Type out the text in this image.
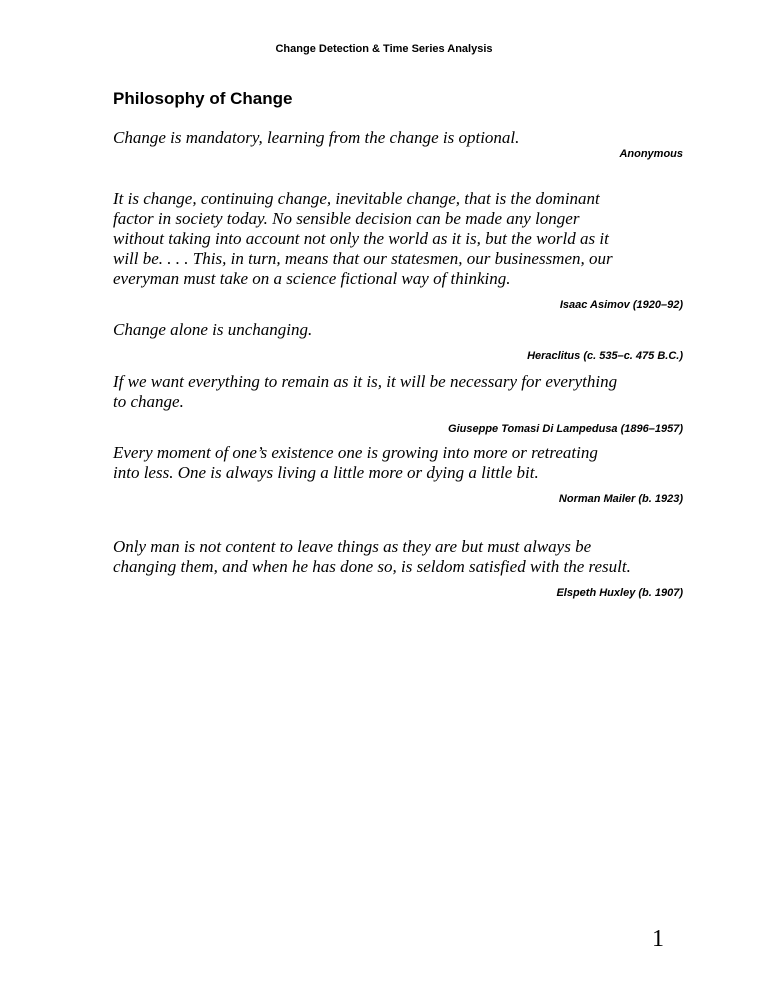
Change Detection & Time Series Analysis
Philosophy of Change
Change is mandatory, learning from the change is optional.
Anonymous
It is change, continuing change, inevitable change, that is the dominant
factor in society today. No sensible decision can be made any longer
without taking into account not only the world as it is, but the world as it
will be. . . . This, in turn, means that our statesmen, our businessmen, our
everyman must take on a science fictional way of thinking.
Isaac Asimov (1920–92)
Change alone is unchanging.
Heraclitus (c. 535–c. 475 B.C.)
If we want everything to remain as it is, it will be necessary for everything
to change.
Giuseppe Tomasi Di Lampedusa (1896–1957)
Every moment of one’s existence one is growing into more or retreating
into less. One is always living a little more or dying a little bit.
Norman Mailer (b. 1923)
Only man is not content to leave things as they are but must always be
changing them, and when he has done so, is seldom satisfied with the result.
Elspeth Huxley (b. 1907)
1
